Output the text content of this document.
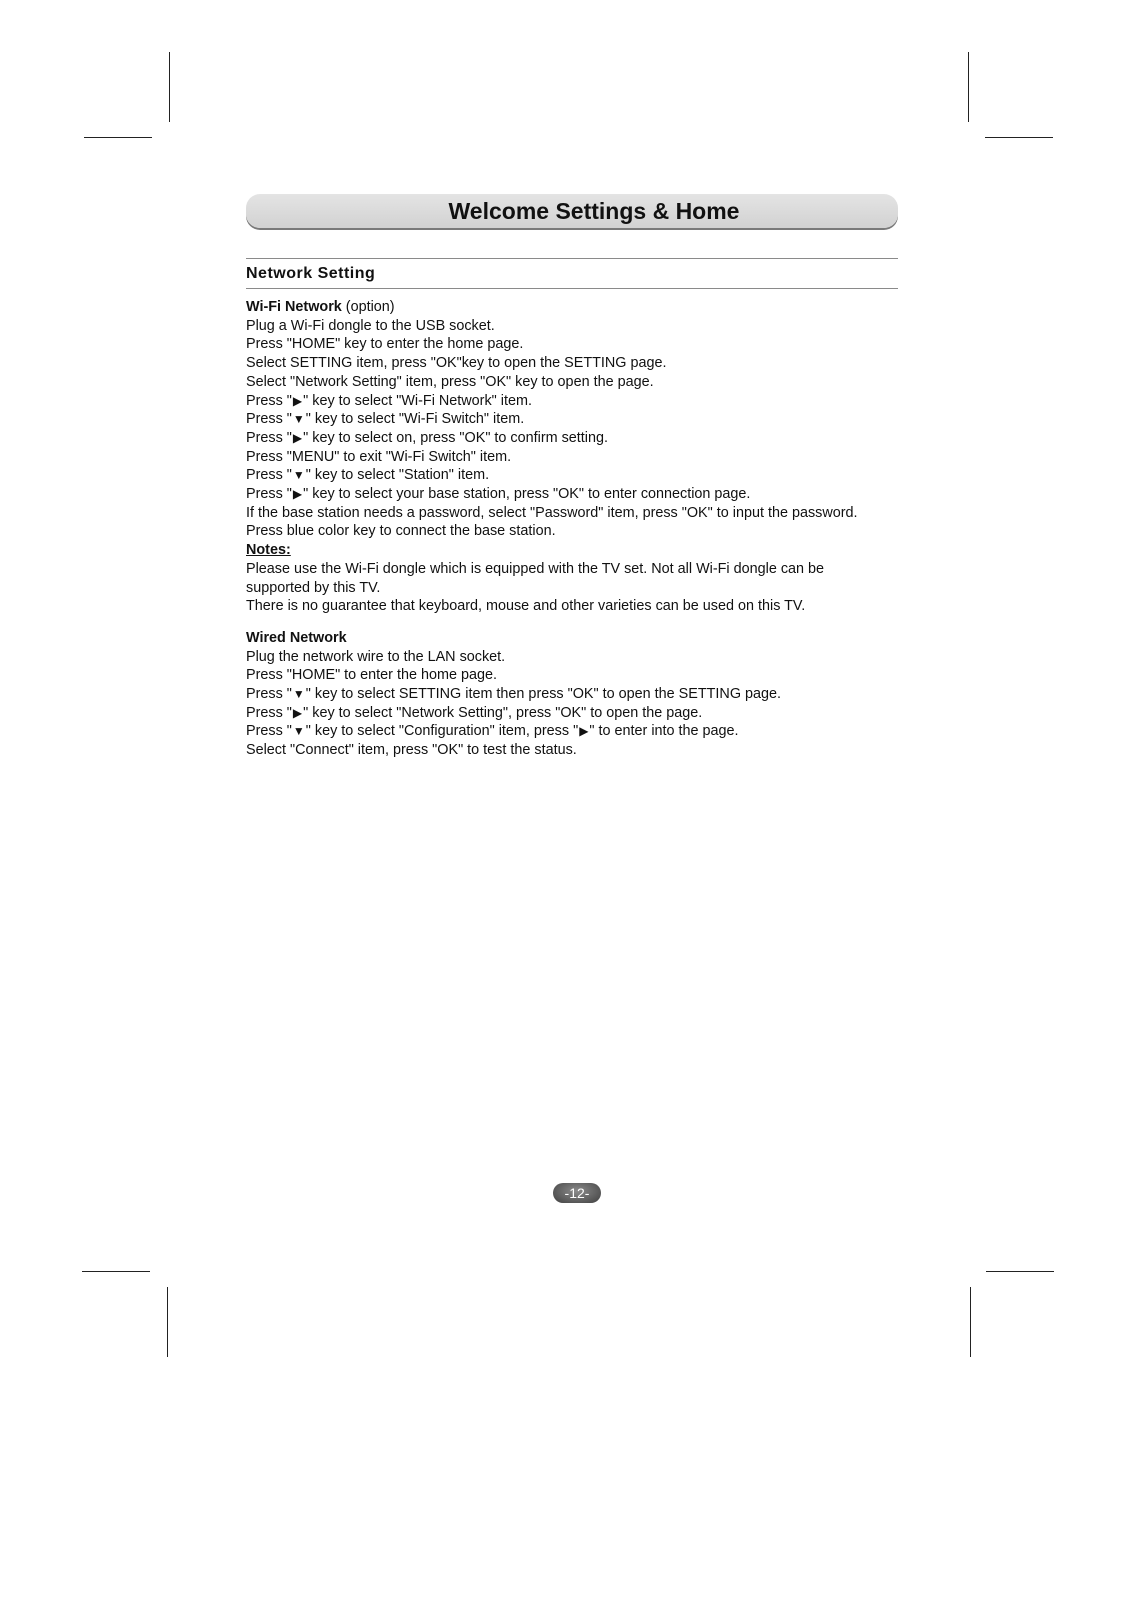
Welcome Settings & Home
Network Setting

Wi-Fi Network (option)

Plug a Wi-Fi dongle to the USB socket.

Press "HOME" key to enter the home page.

Select SETTING item, press "OK"key to open the SETTING page.

Select "Network Setting" item, press "OK" key to open the page.

Press "▶" key to select "Wi-Fi Network" item.

Press "▼" key to select "Wi-Fi Switch" item.

Press "▶" key to select on, press "OK" to confirm setting.

Press "MENU" to exit "Wi-Fi Switch" item.

Press "▼" key to select "Station" item.

Press "▶" key to select your base station, press "OK" to enter connection page.

If the base station needs a password, select "Password" item, press "OK" to input the password.

Press blue color key to connect the base station.

Notes:

Please use the Wi-Fi dongle which is equipped with the TV set. Not all Wi-Fi dongle can be supported by this TV.

There is no guarantee that keyboard, mouse and other varieties can be used on this TV.

Wired Network

Plug the network wire to the LAN socket.

Press "HOME" to enter the home page.

Press "▼" key to select SETTING item then press "OK" to open the SETTING page.

Press "▶" key to select "Network Setting", press "OK" to open the page.

Press "▼" key to select "Configuration" item, press "▶" to enter into the page.

Select "Connect" item, press "OK" to test the status.

-12-
